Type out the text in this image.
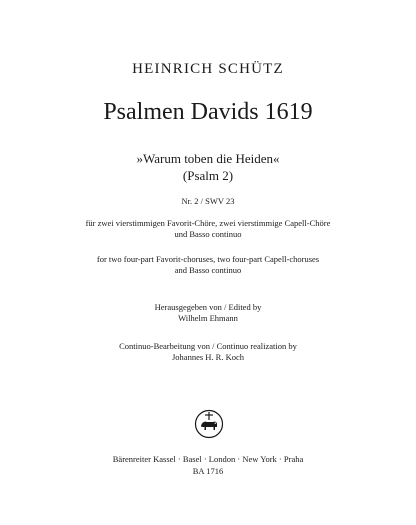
HEINRICH SCHÜTZ
Psalmen Davids 1619
»Warum toben die Heiden«
(Psalm 2)
Nr. 2 / SWV 23
für zwei vierstimmigen Favorit-Chöre, zwei vierstimmige Capell-Chöre
und Basso continuo
for two four-part Favorit-choruses, two four-part Capell-choruses
and Basso continuo
Herausgegeben von / Edited by
Wilhelm Ehmann
Continuo-Bearbeitung von / Continuo realization by
Johannes H. R. Koch
Bärenreiter Kassel · Basel · London · New York · Praha
BA 1716
